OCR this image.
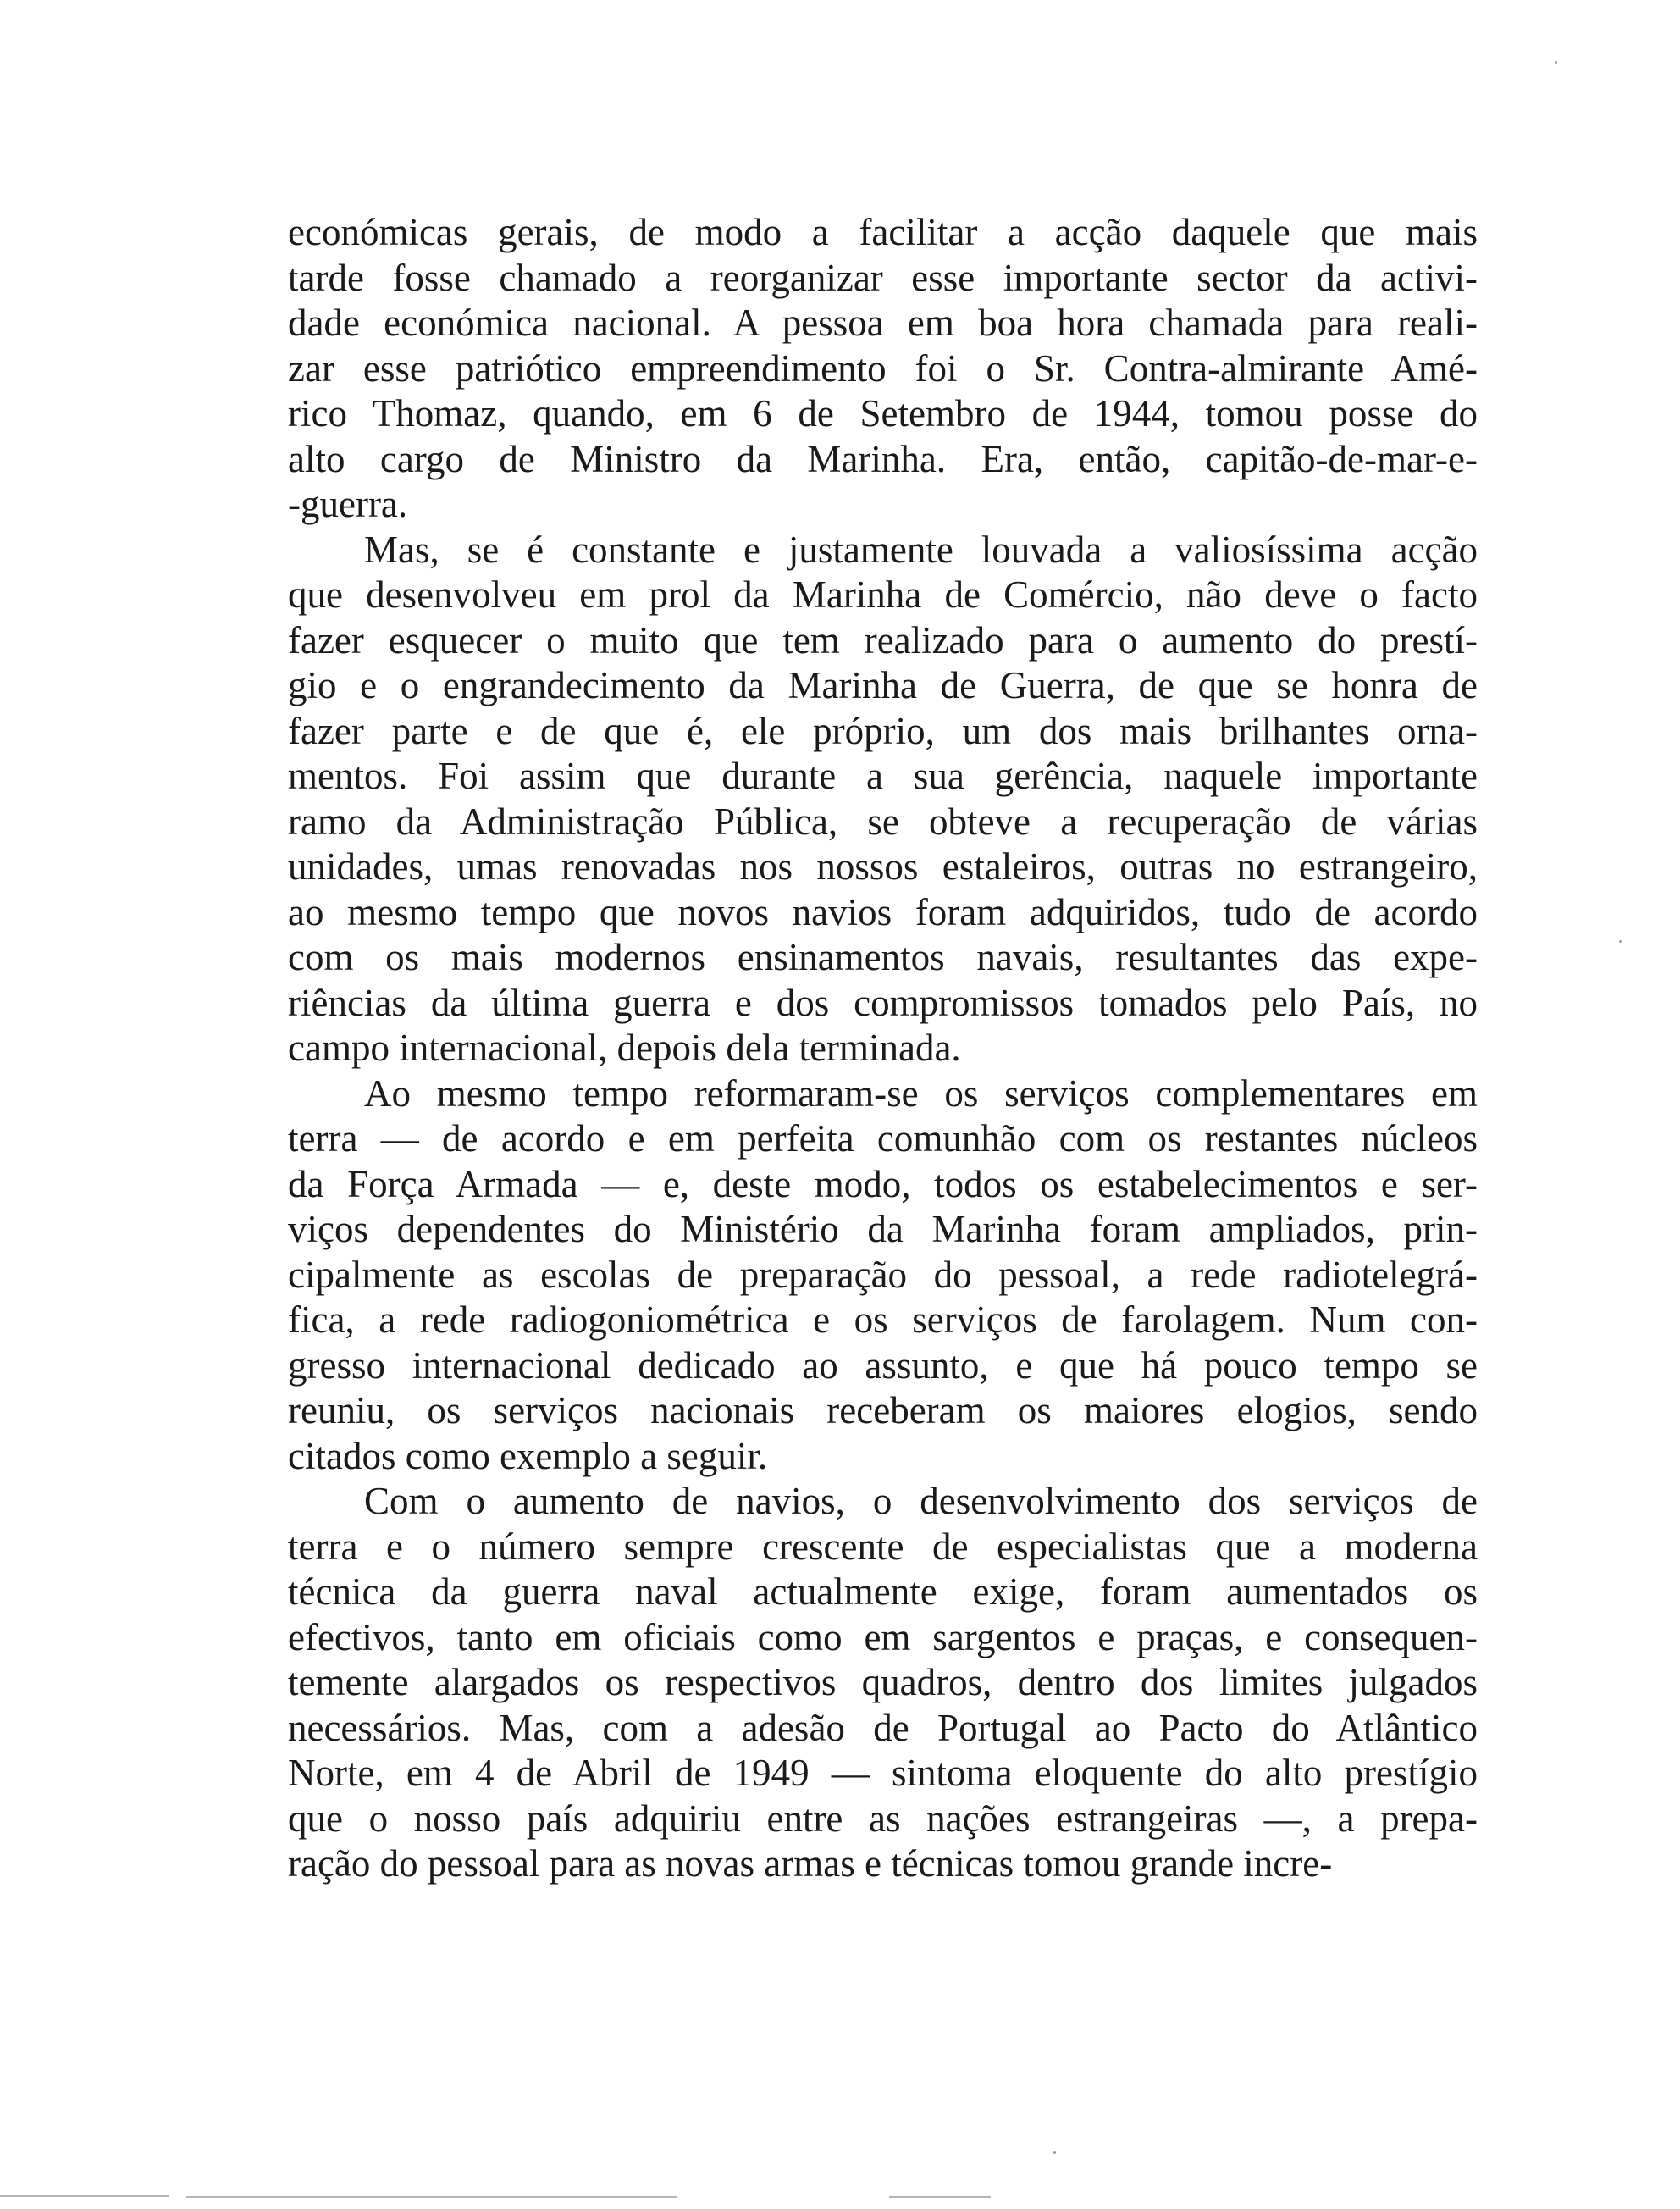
económicas gerais, de modo a facilitar a acção daquele que mais
tarde fosse chamado a reorganizar esse importante sector da activi-
dade económica nacional. A pessoa em boa hora chamada para reali-
zar esse patriótico empreendimento foi o Sr. Contra-almirante Amé-
rico Thomaz, quando, em 6 de Setembro de 1944, tomou posse do
alto cargo de Ministro da Marinha. Era, então, capitão-de-mar-e-
-guerra.
Mas, se é constante e justamente louvada a valiosíssima acção
que desenvolveu em prol da Marinha de Comércio, não deve o facto
fazer esquecer o muito que tem realizado para o aumento do prestí-
gio e o engrandecimento da Marinha de Guerra, de que se honra de
fazer parte e de que é, ele próprio, um dos mais brilhantes orna-
mentos. Foi assim que durante a sua gerência, naquele importante
ramo da Administração Pública, se obteve a recuperação de várias
unidades, umas renovadas nos nossos estaleiros, outras no estrangeiro,
ao mesmo tempo que novos navios foram adquiridos, tudo de acordo
com os mais modernos ensinamentos navais, resultantes das expe-
riências da última guerra e dos compromissos tomados pelo País, no
campo internacional, depois dela terminada.
Ao mesmo tempo reformaram-se os serviços complementares em
terra — de acordo e em perfeita comunhão com os restantes núcleos
da Força Armada — e, deste modo, todos os estabelecimentos e ser-
viços dependentes do Ministério da Marinha foram ampliados, prin-
cipalmente as escolas de preparação do pessoal, a rede radiotelegrá-
fica, a rede radiogoniométrica e os serviços de farolagem. Num con-
gresso internacional dedicado ao assunto, e que há pouco tempo se
reuniu, os serviços nacionais receberam os maiores elogios, sendo
citados como exemplo a seguir.
Com o aumento de navios, o desenvolvimento dos serviços de
terra e o número sempre crescente de especialistas que a moderna
técnica da guerra naval actualmente exige, foram aumentados os
efectivos, tanto em oficiais como em sargentos e praças, e consequen-
temente alargados os respectivos quadros, dentro dos limites julgados
necessários. Mas, com a adesão de Portugal ao Pacto do Atlântico
Norte, em 4 de Abril de 1949 — sintoma eloquente do alto prestígio
que o nosso país adquiriu entre as nações estrangeiras —, a prepa-
ração do pessoal para as novas armas e técnicas tomou grande incre-
